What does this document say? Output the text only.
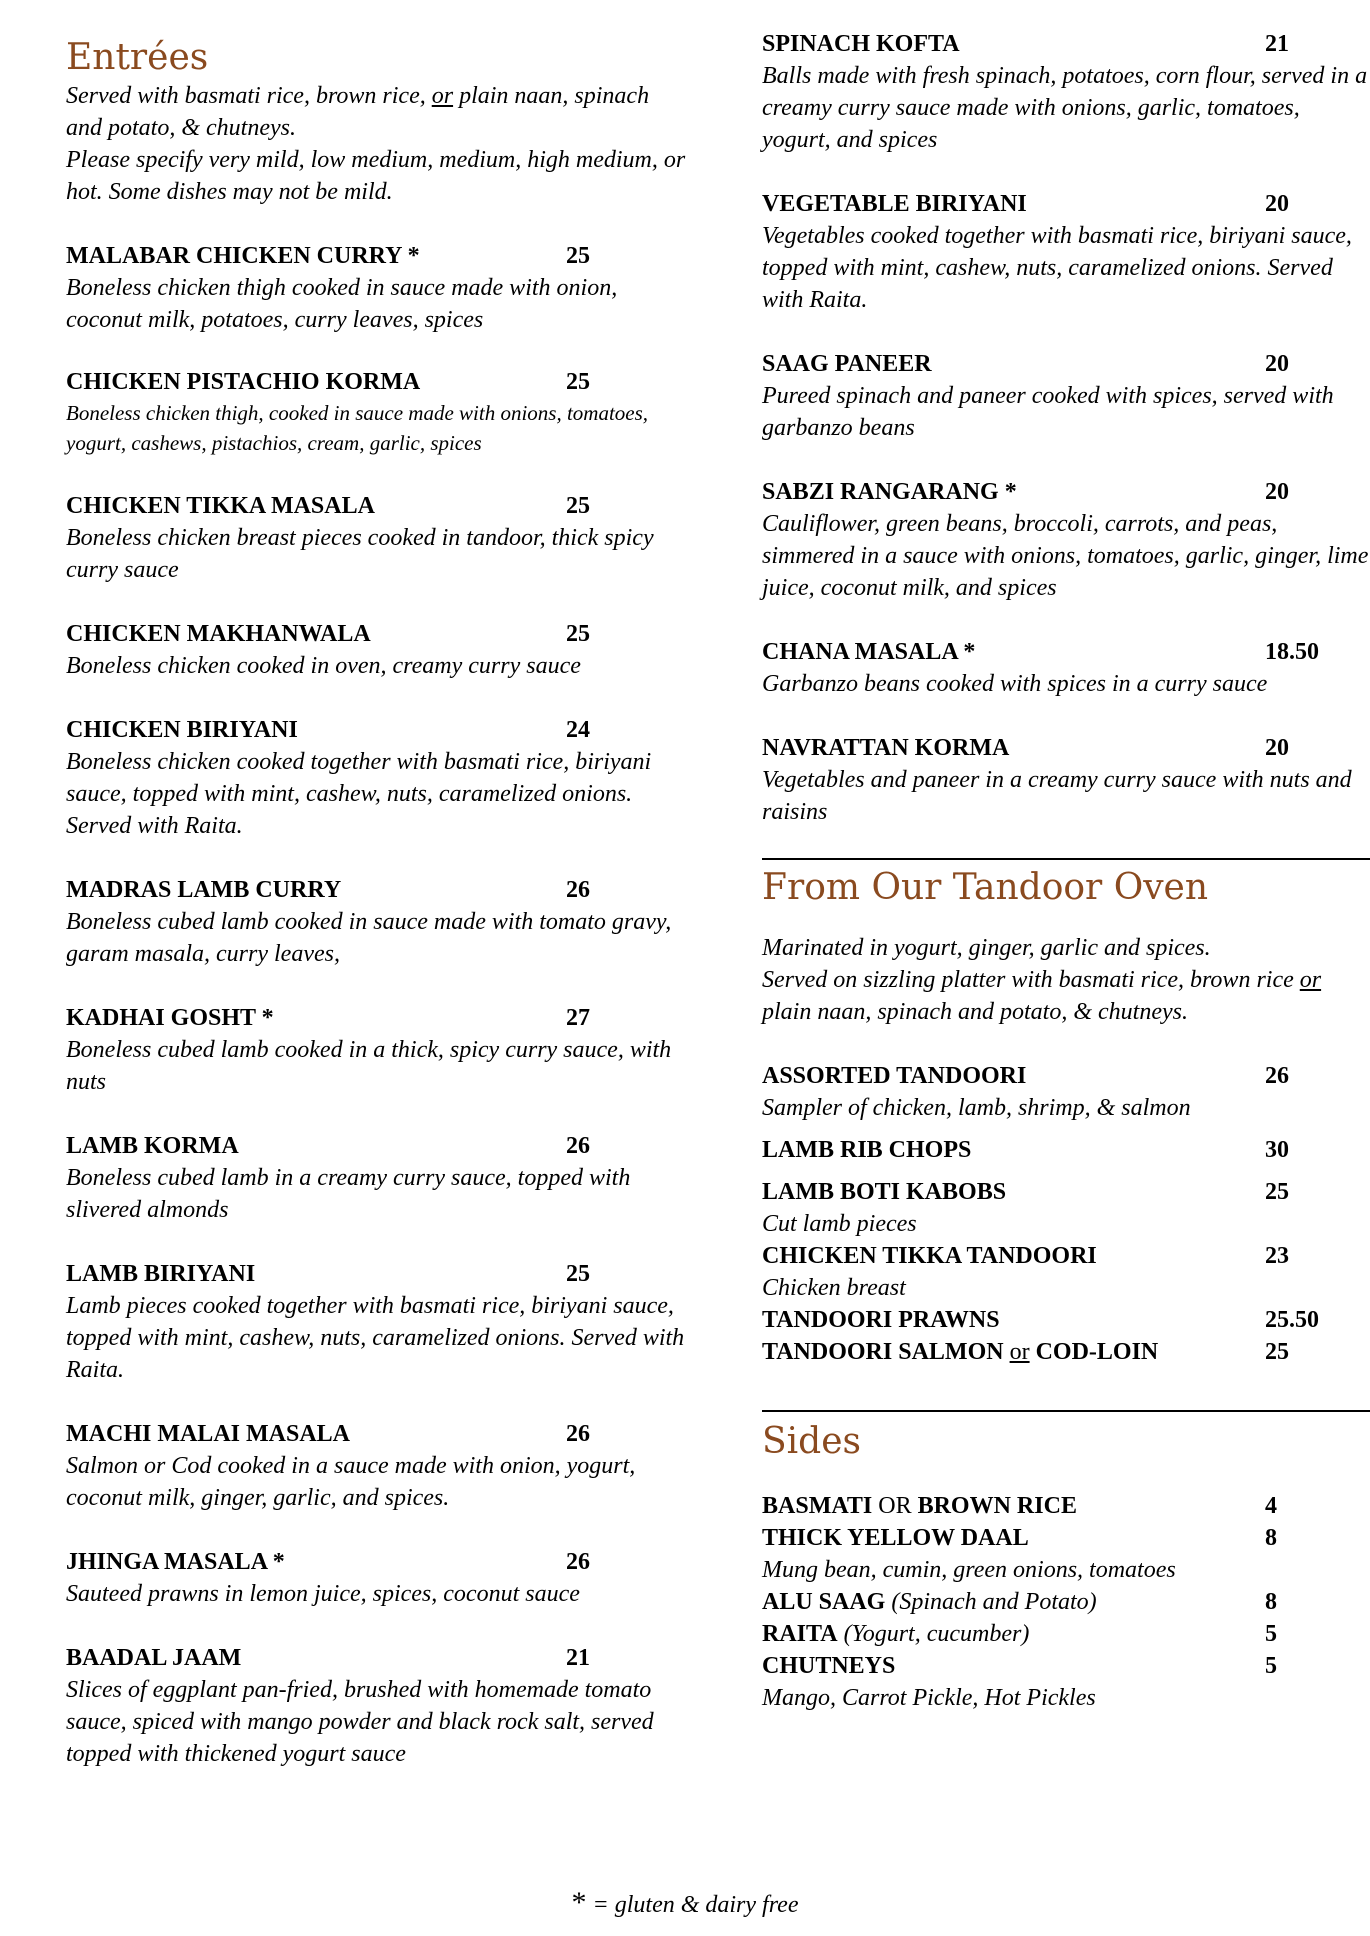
Entrées

Served with basmati rice, brown rice, or plain naan, spinach and potato, & chutneys.
Please specify very mild, low medium, medium, high medium, or hot. Some dishes may not be mild.

MALABAR CHICKEN CURRY *	25

Boneless chicken thigh cooked in sauce made with onion, coconut milk, potatoes, curry leaves, spices

CHICKEN PISTACHIO KORMA	25

Boneless chicken thigh, cooked in sauce made with onions, tomatoes, yogurt, cashews, pistachios, cream, garlic, spices

CHICKEN TIKKA MASALA	25

Boneless chicken breast pieces cooked in tandoor, thick spicy curry sauce

CHICKEN MAKHANWALA	25

Boneless chicken cooked in oven, creamy curry sauce

CHICKEN BIRIYANI	24

Boneless chicken cooked together with basmati rice, biriyani sauce, topped with mint, cashew, nuts, caramelized onions. Served with Raita.

MADRAS LAMB CURRY	26

Boneless cubed lamb cooked in sauce made with tomato gravy, garam masala, curry leaves,

KADHAI GOSHT *	27

Boneless cubed lamb cooked in a thick, spicy curry sauce, with nuts

LAMB KORMA	26

Boneless cubed lamb in a creamy curry sauce, topped with slivered almonds

LAMB BIRIYANI	25

Lamb pieces cooked together with basmati rice, biriyani sauce, topped with mint, cashew, nuts, caramelized onions. Served with Raita.

MACHI MALAI MASALA	26

Salmon or Cod cooked in a sauce made with onion, yogurt, coconut milk, ginger, garlic, and spices.

JHINGA MASALA *	26

Sauteed prawns in lemon juice, spices, coconut sauce

BAADAL JAAM	21

Slices of eggplant pan-fried, brushed with homemade tomato sauce, spiced with mango powder and black rock salt, served topped with thickened yogurt sauce

SPINACH KOFTA	21

Balls made with fresh spinach, potatoes, corn flour, served in a creamy curry sauce made with onions, garlic, tomatoes, yogurt, and spices

VEGETABLE BIRIYANI	20

Vegetables cooked together with basmati rice, biriyani sauce, topped with mint, cashew, nuts, caramelized onions. Served with Raita.

SAAG PANEER	20

Pureed spinach and paneer cooked with spices, served with garbanzo beans

SABZI RANGARANG *	20

Cauliflower, green beans, broccoli, carrots, and peas, simmered in a sauce with onions, tomatoes, garlic, ginger, lime juice, coconut milk, and spices

CHANA MASALA *	18.50

Garbanzo beans cooked with spices in a curry sauce

NAVRATTAN KORMA	20

Vegetables and paneer in a creamy curry sauce with nuts and raisins

From Our Tandoor Oven

Marinated in yogurt, ginger, garlic and spices.
Served on sizzling platter with basmati rice, brown rice or plain naan, spinach and potato, & chutneys.

ASSORTED TANDOORI	26

Sampler of chicken, lamb, shrimp, & salmon

LAMB RIB CHOPS	30
LAMB BOTI KABOBS	25

Cut lamb pieces

CHICKEN TIKKA TANDOORI	23

Chicken breast

TANDOORI PRAWNS	25.50
TANDOORI SALMON or COD-LOIN	25
Sides
BASMATI OR BROWN RICE	4
THICK YELLOW DAAL	8

Mung bean, cumin, green onions, tomatoes

ALU SAAG (Spinach and Potato)	8
RAITA (Yogurt, cucumber)	5
CHUTNEYS	5

Mango, Carrot Pickle, Hot Pickles

* = gluten & dairy free
